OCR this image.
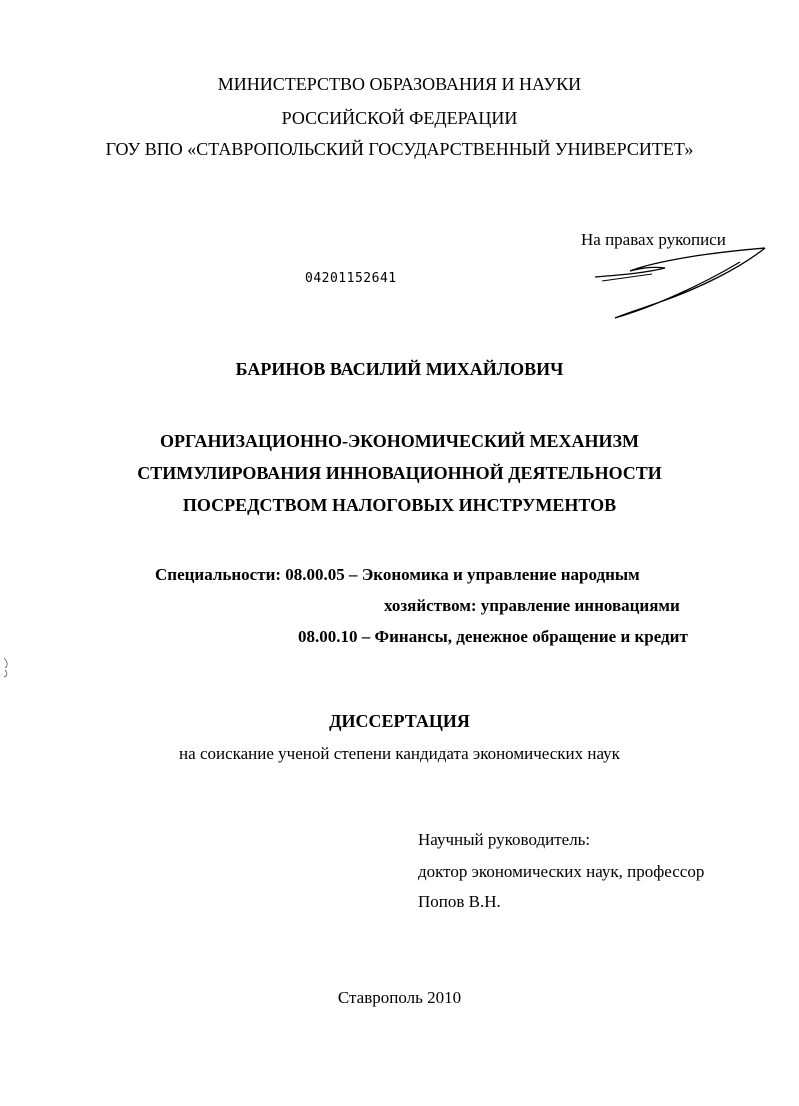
МИНИСТЕРСТВО ОБРАЗОВАНИЯ И НАУКИ
РОССИЙСКОЙ ФЕДЕРАЦИИ
ГОУ ВПО «СТАВРОПОЛЬСКИЙ ГОСУДАРСТВЕННЫЙ УНИВЕРСИТЕТ»
На правах рукописи
04201152641
БАРИНОВ ВАСИЛИЙ МИХАЙЛОВИЧ
ОРГАНИЗАЦИОННО-ЭКОНОМИЧЕСКИЙ МЕХАНИЗМ
СТИМУЛИРОВАНИЯ ИННОВАЦИОННОЙ ДЕЯТЕЛЬНОСТИ
ПОСРЕДСТВОМ НАЛОГОВЫХ ИНСТРУМЕНТОВ
Специальности: 08.00.05 – Экономика и управление народным
хозяйством: управление инновациями
08.00.10 – Финансы, денежное обращение и кредит
ДИССЕРТАЦИЯ
на соискание ученой степени кандидата экономических наук
Научный руководитель:
доктор экономических наук, профессор
Попов В.Н.
Ставрополь 2010
